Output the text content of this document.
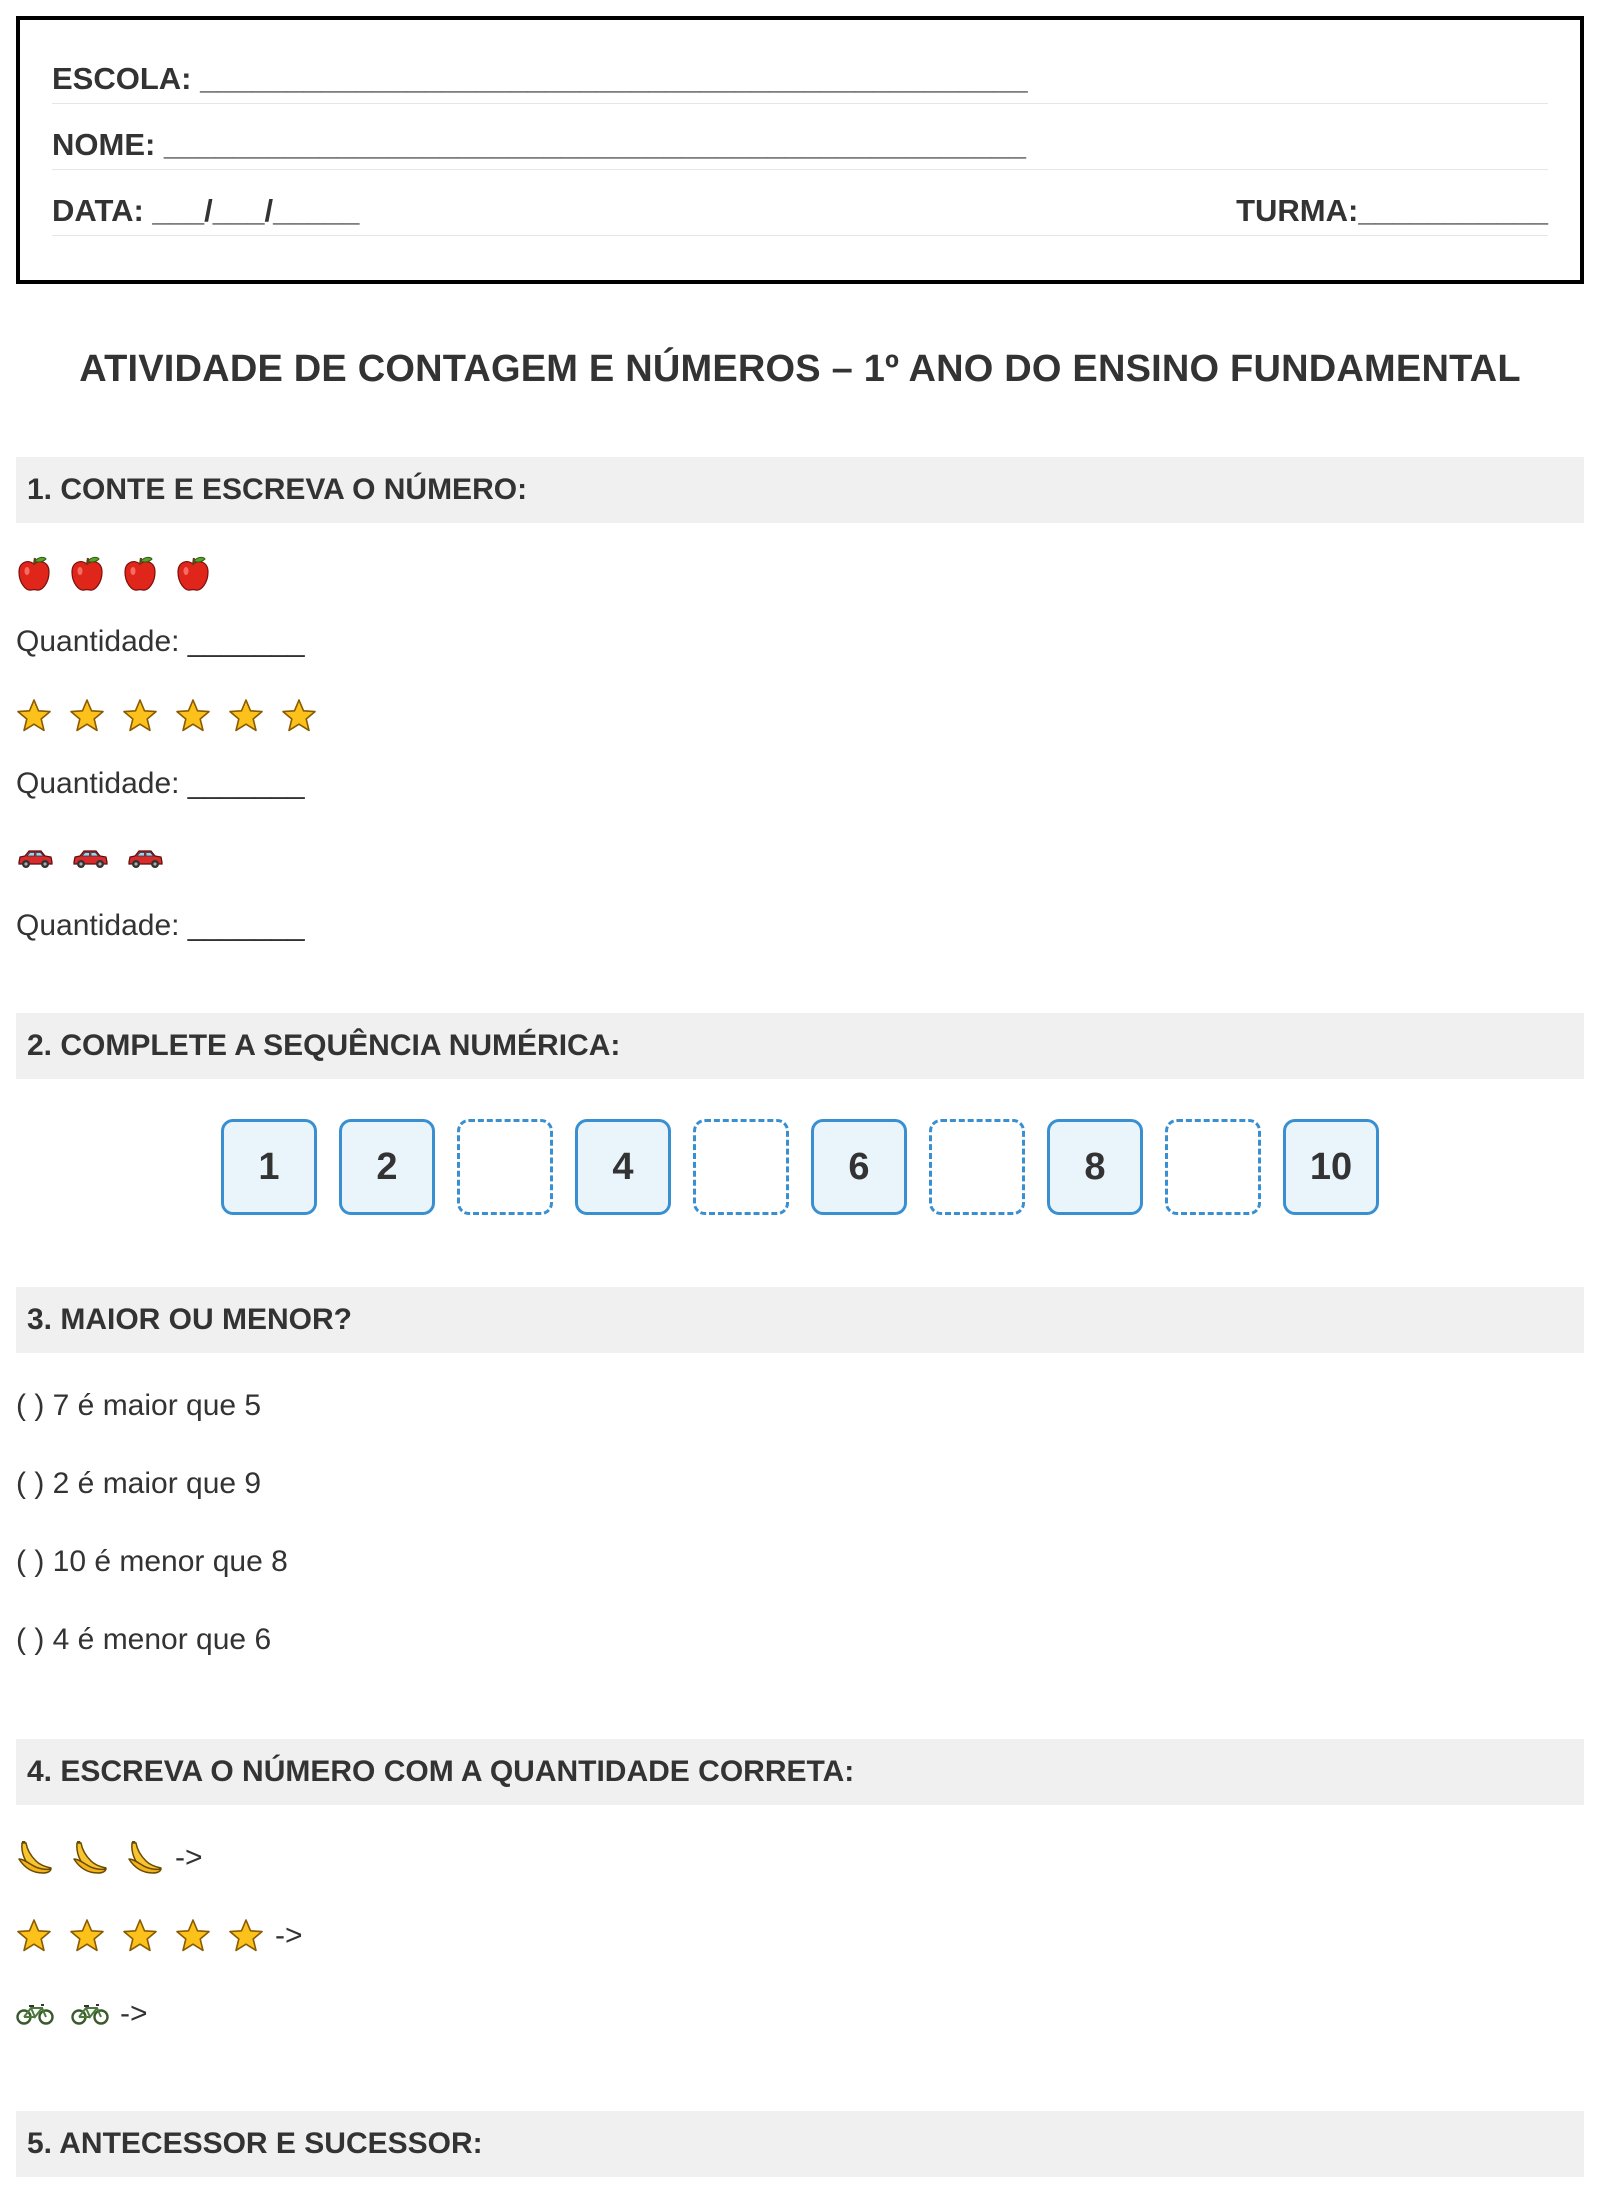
ESCOLA: ________________________________________________
NOME: __________________________________________________
DATA: ___/___/_____	TURMA:___________
ATIVIDADE DE CONTAGEM E NÚMEROS – 1º ANO DO ENSINO FUNDAMENTAL
1. CONTE E ESCREVA O NÚMERO:
Quantidade: _______
Quantidade: _______
Quantidade: _______
2. COMPLETE A SEQUÊNCIA NUMÉRICA:
1	2	4	6	8	10
3. MAIOR OU MENOR?
( ) 7 é maior que 5
( ) 2 é maior que 9
( ) 10 é menor que 8
( ) 4 é menor que 6
4. ESCREVA O NÚMERO COM A QUANTIDADE CORRETA:
->
->
->
5. ANTECESSOR E SUCESSOR:
